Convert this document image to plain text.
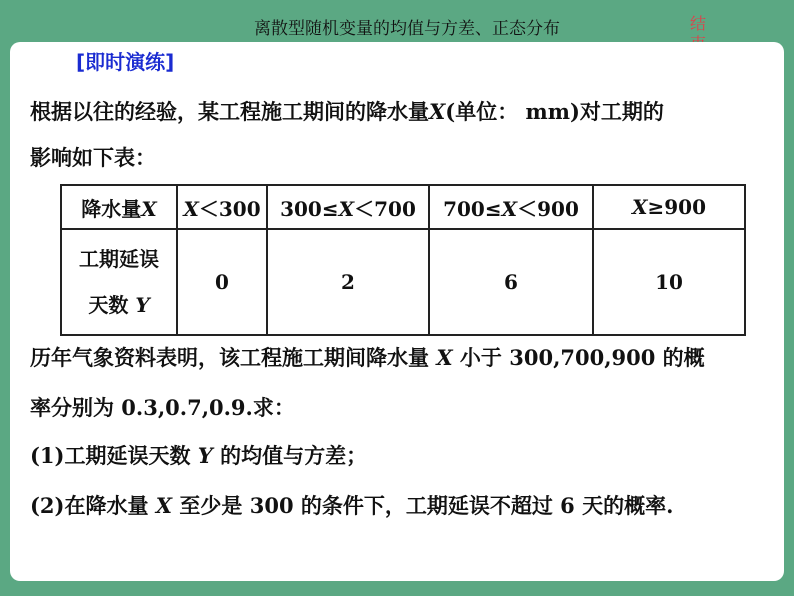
离散型随机变量的均值与方差、正态分布	结
[即时演练]
根据以往的经验，某工程施工期间的降水量X(单位： mm)对工期的
影响如下表：
降水量X	X＜300	300≤X＜700	700≤X＜900	X≥900
工期延误
天数 Y	0	2	6	10
历年气象资料表明，该工程施工期间降水量 X 小于 300,700,900 的概
率分别为 0.3,0.7,0.9.求：
(1)工期延误天数 Y 的均值与方差；
(2)在降水量 X 至少是 300 的条件下，工期延误不超过 6 天的概率.
